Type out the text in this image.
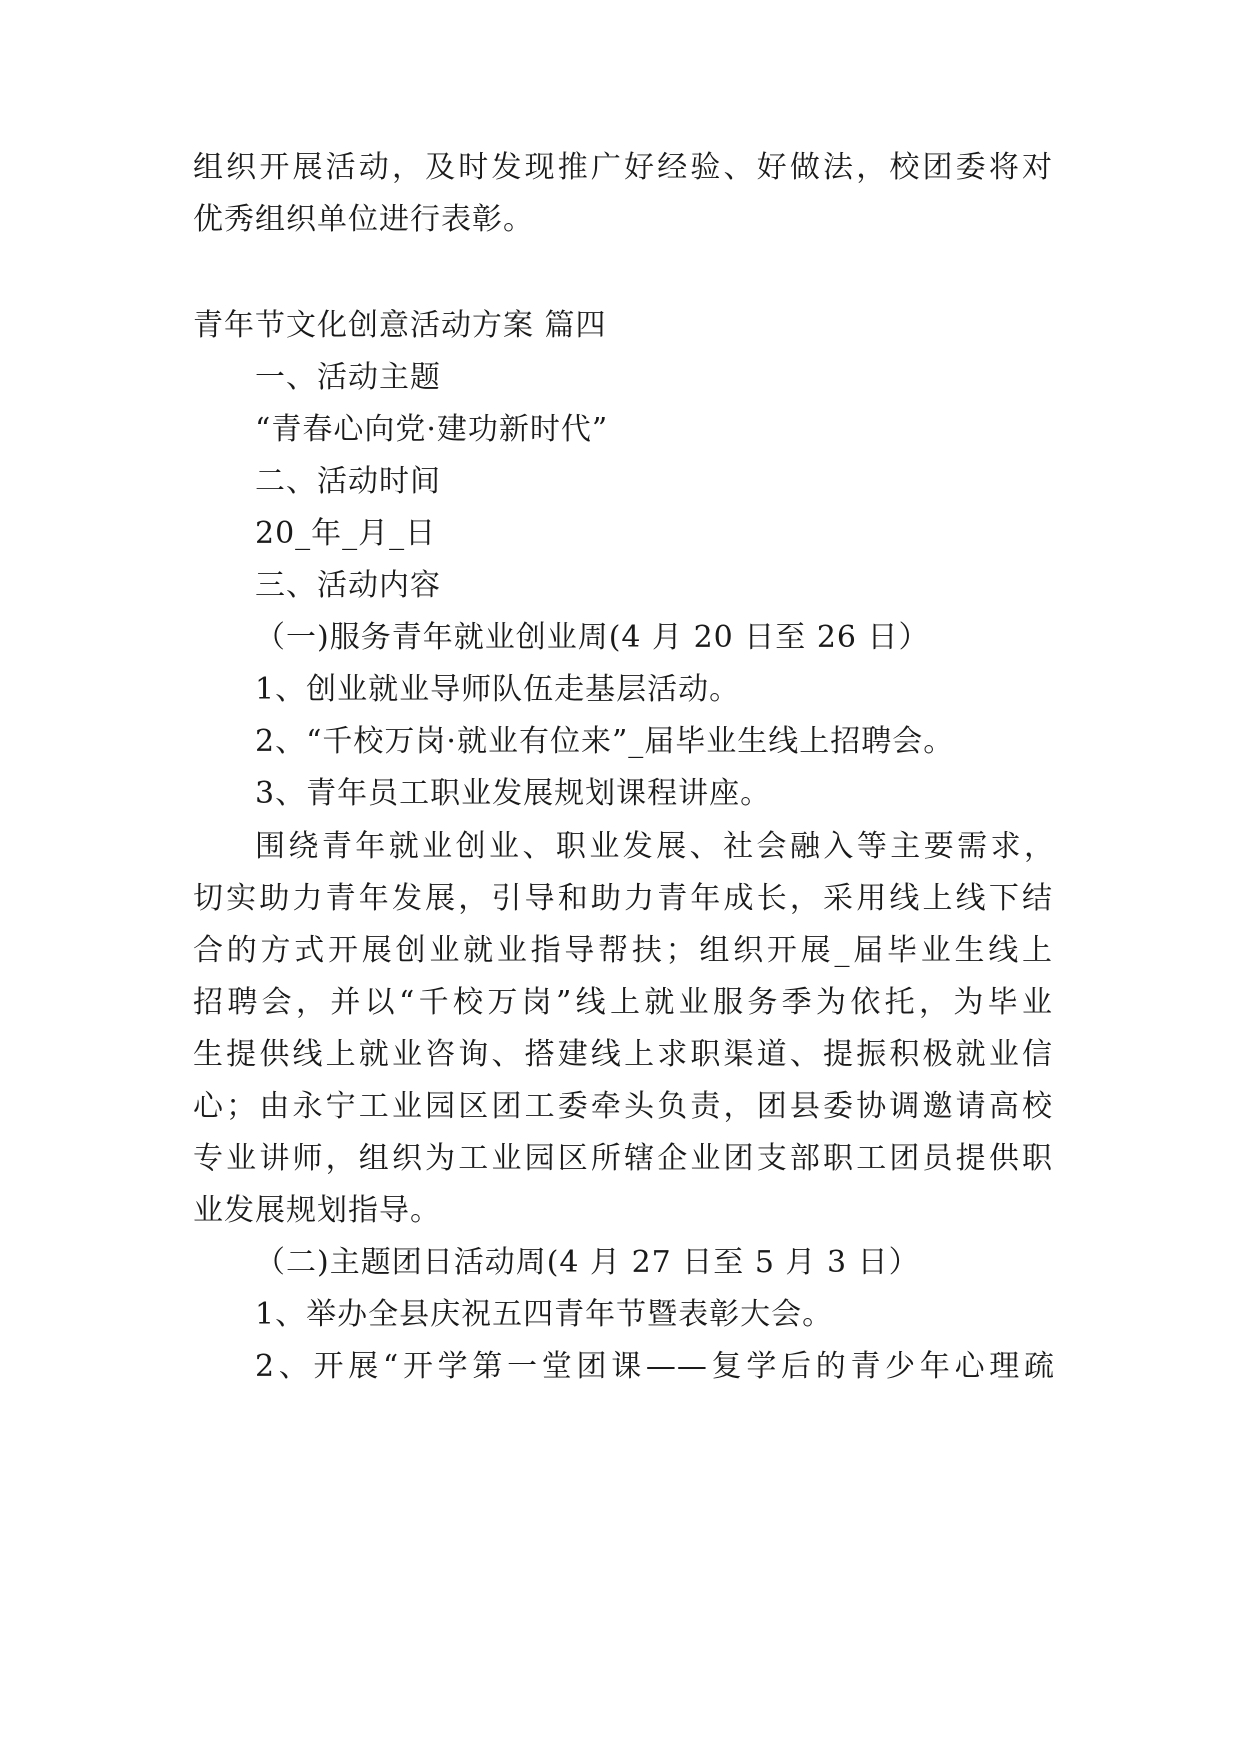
组织开展活动，及时发现推广好经验、好做法，校团委将对
优秀组织单位进行表彰。
青年节文化创意活动方案 篇四
一、活动主题
“青春心向党·建功新时代”
二、活动时间
20_年_月_日
三、活动内容
（一)服务青年就业创业周(4 月 20 日至 26 日）
1、创业就业导师队伍走基层活动。
2、“千校万岗·就业有位来”_届毕业生线上招聘会。
3、青年员工职业发展规划课程讲座。
围绕青年就业创业、职业发展、社会融入等主要需求，
切实助力青年发展，引导和助力青年成长，采用线上线下结
合的方式开展创业就业指导帮扶；组织开展_届毕业生线上
招聘会，并以“千校万岗”线上就业服务季为依托，为毕业
生提供线上就业咨询、搭建线上求职渠道、提振积极就业信
心；由永宁工业园区团工委牵头负责，团县委协调邀请高校
专业讲师，组织为工业园区所辖企业团支部职工团员提供职
业发展规划指导。
（二)主题团日活动周(4 月 27 日至 5 月 3 日）
1、举办全县庆祝五四青年节暨表彰大会。
2、开展“开学第一堂团课——复学后的青少年心理疏
